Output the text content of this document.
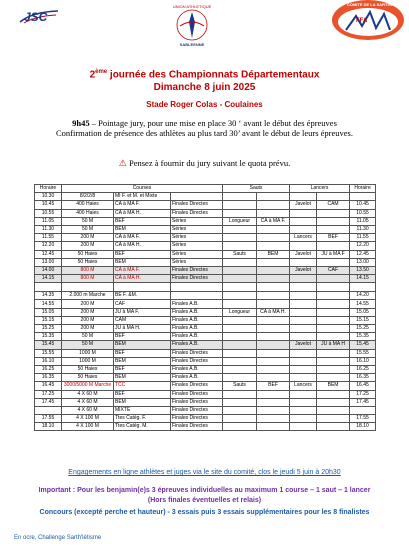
JSC
UNION ATHLETIQUE
SABLEENNE
COMITÉ DE LA SARTHE
FFA
2ème journée des Championnats Départementaux
Dimanche 8 juin 2025
Stade Roger Colas - Coulaines
9h45 – Pointage jury, pour une mise en place 30 ‘ avant le début des épreuves
Confirmation de présence des athlètes au plus tard 30’ avant le début de leurs épreuves.
⚠ Pensez à fournir du jury suivant le quota prévu.
Horaire	Courses			Sauts		Lancers		Horaire
10.30	8/2/2/8	MI F. et M. et Mixte						
10.45	400 Haies	CA à MA F.	Finales Directes			Javelot	CAM	10.45
10.55	400 Haies	CA à MA H.	Finales Directes					10.55
11.05	50 M	BEF	Séries	Longueur	CA à MA F.			11.05
11.30	50 M	BEM	Séries					11.30
11.55	200 M	CA à MA F.	Séries			Lancers	BEF	11.55
12.20	200 M	CA à MA H.	Séries					12.20
12.45	50 Haies	BEF	Séries	Sauts	BEM	Javelot	JU à MA F	12.45
13.00	50 Haies	BEM	Séries					13.00
14.00	800 M	CA à MA F.	Finales Directes			Javelot	CAF	13.50
14.15	800 M	CA à MA H.	Finales Directes					14.15

14.35	2.000 m Marche	BE F. &M.						14.20
14.55	200 M	CAF	Finales A.B.					14.55
15.05	200 M	JU à MA F.	Finales A.B.	Longueur	CA à MA H.			15.05
15.15	200 M	CAM	Finales A.B.					15.15
15.25	200 M	JU à MA H.	Finales A.B.					15.25
15.35	50 M	BEF	Finales A.B.					15.35
15.45	50 M	BEM	Finales A.B.			Javelot	JU à MA H	15.45
15.55	1000 M	BEF	Finales Directes					15.55
16.10	1000 M	BEM	Finales Directes					16.10
16.25	50 Haies	BEF	Finales A.B.					16.25
16.35	50 Haies	BEM	Finales A.B.					16.35
16.45	3000/5000 M Marche	TCC	Finales Directes	Sauts	BEF	Lancers	BEM	16.45
17.25	4 X 60 M	BEF	Finales Directes					17.25
17.45	4 X 60 M	BEM	Finales Directes					17.45
	4 X 60 M	MIXTE	Finales Directes					
17.55	4 X 100 M	Ttes Catég. F.	Finales Directes					17.55
18.10	4 X 100 M	Ttes Catég. M.	Finales Directes					18.10
Engagements en ligne athlètes et juges via le site du comité, clos le jeudi 5 juin à 20h30
Important : Pour les benjamin(e)s 3 épreuves individuelles au maximum 1 course – 1 saut – 1 lancer
(Hors finales éventuelles et relais)
Concours (excepté perche et hauteur) - 3 essais puis 3 essais supplémentaires pour les 8 finalistes
En ocre, Challenge Sarth'létisme
